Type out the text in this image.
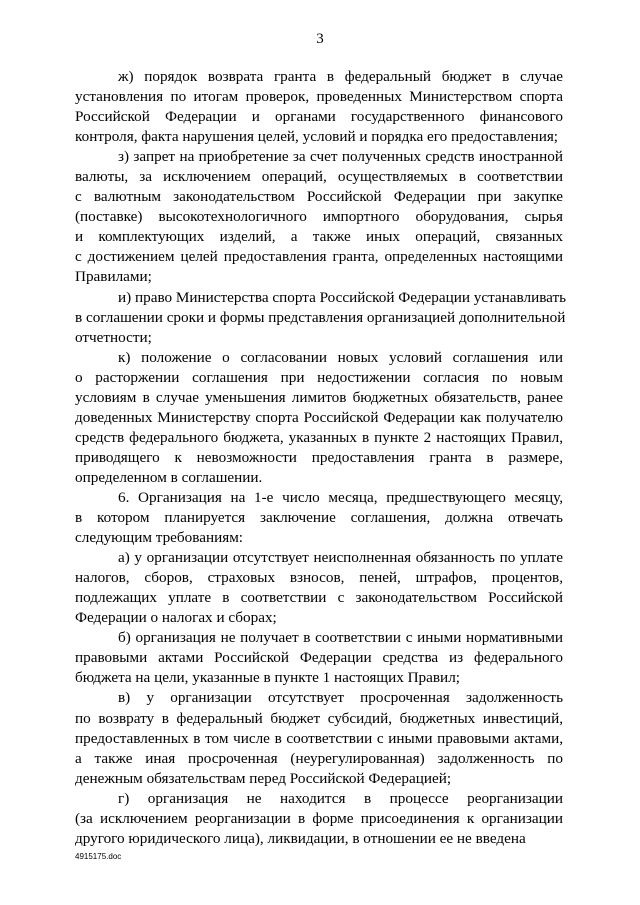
3
ж) порядок возврата гранта в федеральный бюджет в случае
установления по итогам проверок, проведенных Министерством спорта
Российской Федерации и органами государственного финансового
контроля, факта нарушения целей, условий и порядка его предоставления;
з) запрет на приобретение за счет полученных средств иностранной
валюты, за исключением операций, осуществляемых в соответствии
с валютным законодательством Российской Федерации при закупке
(поставке) высокотехнологичного импортного оборудования, сырья
и комплектующих изделий, а также иных операций, связанных
с достижением целей предоставления гранта, определенных настоящими
Правилами;
и) право Министерства спорта Российской Федерации устанавливать
в соглашении сроки и формы представления организацией дополнительной
отчетности;
к) положение о согласовании новых условий соглашения или
о расторжении соглашения при недостижении согласия по новым
условиям в случае уменьшения лимитов бюджетных обязательств, ранее
доведенных Министерству спорта Российской Федерации как получателю
средств федерального бюджета, указанных в пункте 2 настоящих Правил,
приводящего к невозможности предоставления гранта в размере,
определенном в соглашении.
6. Организация на 1-е число месяца, предшествующего месяцу,
в котором планируется заключение соглашения, должна отвечать
следующим требованиям:
а) у организации отсутствует неисполненная обязанность по уплате
налогов, сборов, страховых взносов, пеней, штрафов, процентов,
подлежащих уплате в соответствии с законодательством Российской
Федерации о налогах и сборах;
б) организация не получает в соответствии с иными нормативными
правовыми актами Российской Федерации средства из федерального
бюджета на цели, указанные в пункте 1 настоящих Правил;
в) у организации отсутствует просроченная задолженность
по возврату в федеральный бюджет субсидий, бюджетных инвестиций,
предоставленных в том числе в соответствии с иными правовыми актами,
а также иная просроченная (неурегулированная) задолженность по
денежным обязательствам перед Российской Федерацией;
г) организация не находится в процессе реорганизации
(за исключением реорганизации в форме присоединения к организации
другого юридического лица), ликвидации, в отношении ее не введена
4915175.doc
